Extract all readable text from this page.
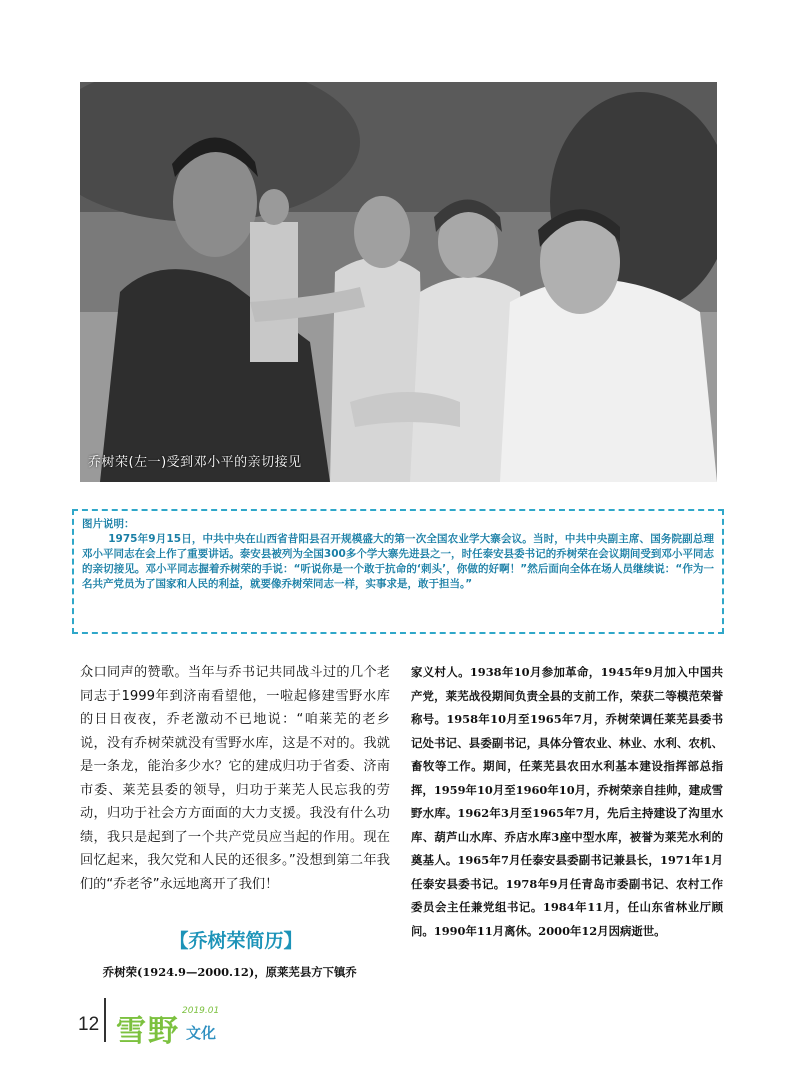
乔树荣(左一)受到邓小平的亲切接见
图片说明：
1975年9月15日，中共中央在山西省昔阳县召开规模盛大的第一次全国农业学大寨会议。当时，中共中央副主席、国务院副总理邓小平同志在会上作了重要讲话。泰安县被列为全国300多个学大寨先进县之一，时任泰安县委书记的乔树荣在会议期间受到邓小平同志的亲切接见。邓小平同志握着乔树荣的手说：“听说你是一个敢于抗命的‘刺头’，你做的好啊！”然后面向全体在场人员继续说：“作为一名共产党员为了国家和人民的利益，就要像乔树荣同志一样，实事求是，敢于担当。”
众口同声的赞歌。当年与乔书记共同战斗过的几个老同志于1999年到济南看望他，一啦起修建雪野水库的日日夜夜，乔老激动不已地说：“咱莱芜的老乡说，没有乔树荣就没有雪野水库，这是不对的。我就是一条龙，能治多少水？它的建成归功于省委、济南市委、莱芜县委的领导，归功于莱芜人民忘我的劳动，归功于社会方方面面的大力支援。我没有什么功绩，我只是起到了一个共产党员应当起的作用。现在回忆起来，我欠党和人民的还很多。”没想到第二年我们的“乔老爷”永远地离开了我们！
【乔树荣简历】
乔树荣(1924.9—2000.12)，原莱芜县方下镇乔
家义村人。1938年10月参加革命，1945年9月加入中国共产党，莱芜战役期间负责全县的支前工作，荣获二等模范荣誉称号。1958年10月至1965年7月，乔树荣调任莱芜县委书记处书记、县委副书记，具体分管农业、林业、水利、农机、畜牧等工作。期间，任莱芜县农田水利基本建设指挥部总指挥，1959年10月至1960年10月，乔树荣亲自挂帅，建成雪野水库。1962年3月至1965年7月，先后主持建设了沟里水库、葫芦山水库、乔店水库3座中型水库，被誉为莱芜水利的奠基人。1965年7月任泰安县委副书记兼县长，1971年1月任泰安县委书记。1978年9月任青岛市委副书记、农村工作委员会主任兼党组书记。1984年11月，任山东省林业厅顾问。1990年11月离休。2000年12月因病逝世。
12 雪野
2019.01
文化
